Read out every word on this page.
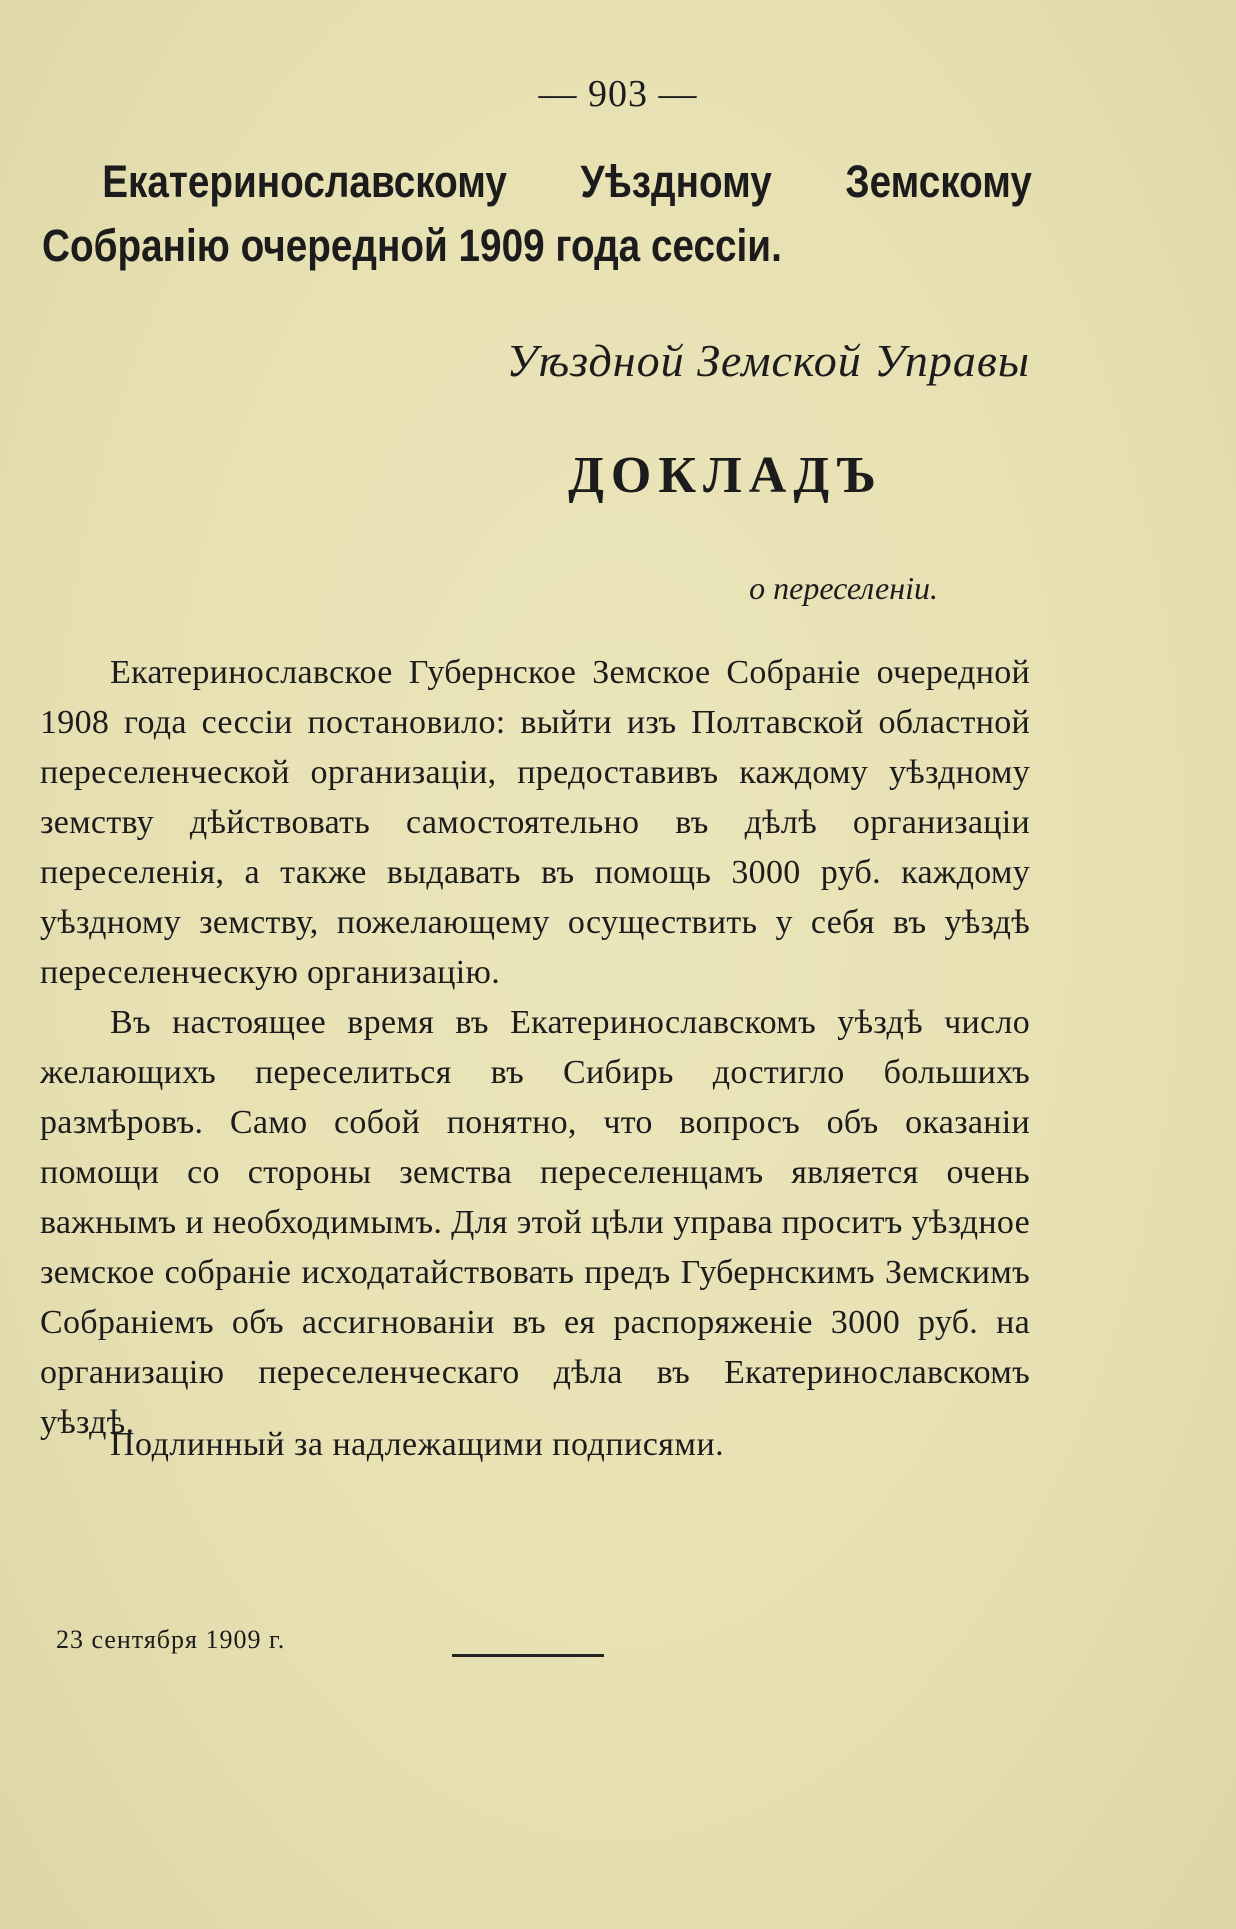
— 903 —
Екатеринославскому Уѣздному Земскому Собранію очередной 1909 года сессіи.
Уѣздной Земской Управы
ДОКЛАДЪ
о переселеніи.

Екатеринославское Губернское Земское Собраніе очередной 1908 года сессіи постановило: выйти изъ Полтавской областной переселенческой организаціи, предоставивъ каждому уѣздному земству дѣйствовать самостоятельно въ дѣлѣ организаціи переселенія, а также выдавать въ помощь 3000 руб. каждому уѣздному земству, пожелающему осуществить у себя въ уѣздѣ переселенческую организацію.

Въ настоящее время въ Екатеринославскомъ уѣздѣ число желающихъ переселиться въ Сибирь достигло большихъ размѣровъ. Само собой понятно, что вопросъ объ оказаніи помощи со стороны земства переселенцамъ является очень важнымъ и необходимымъ. Для этой цѣли управа проситъ уѣздное земское собраніе исходатайствовать предъ Губернскимъ Земскимъ Собраніемъ объ ассигнованіи въ ея распоряженіе 3000 руб. на организацію переселенческаго дѣла въ Екатеринославскомъ уѣздѣ.

Подлинный за надлежащими подписями.
23 сентября 1909 г.
